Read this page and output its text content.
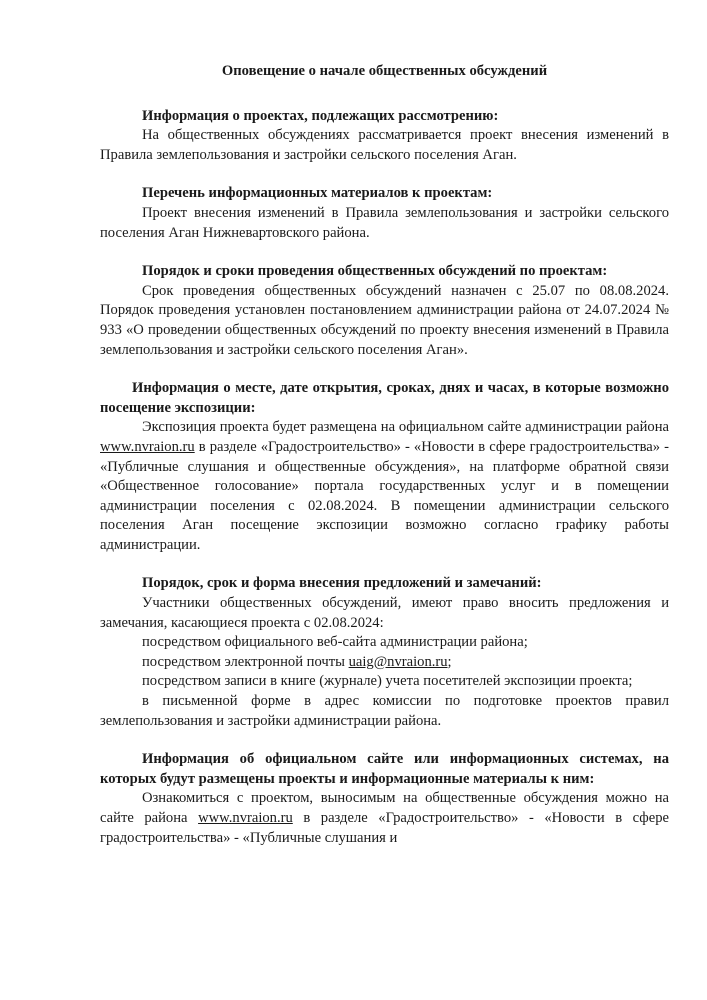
Оповещение о начале общественных обсуждений
Информация о проектах, подлежащих рассмотрению:
На общественных обсуждениях рассматривается проект внесения изменений в Правила землепользования и застройки сельского поселения Аган.
Перечень информационных материалов к проектам:
Проект внесения изменений в Правила землепользования и застройки сельского поселения Аган Нижневартовского района.
Порядок и сроки проведения общественных обсуждений по проектам:
Срок проведения общественных обсуждений назначен с 25.07 по 08.08.2024. Порядок проведения установлен постановлением администрации района от 24.07.2024 № 933 «О проведении общественных обсуждений по проекту внесения изменений в Правила землепользования и застройки сельского поселения Аган».
Информация о месте, дате открытия, сроках, днях и часах, в которые возможно посещение экспозиции:
Экспозиция проекта будет размещена на официальном сайте администрации района www.nvraion.ru в разделе «Градостроительство» - «Новости в сфере градостроительства» - «Публичные слушания и общественные обсуждения», на платформе обратной связи «Общественное голосование» портала государственных услуг и в помещении администрации поселения с 02.08.2024. В помещении администрации сельского поселения Аган посещение экспозиции возможно согласно графику работы администрации.
Порядок, срок и форма внесения предложений и замечаний:
Участники общественных обсуждений, имеют право вносить предложения и замечания, касающиеся проекта с 02.08.2024:
посредством официального веб-сайта администрации района;
посредством электронной почты uaig@nvraion.ru;
посредством записи в книге (журнале) учета посетителей экспозиции проекта;
в письменной форме в адрес комиссии по подготовке проектов правил землепользования и застройки администрации района.
Информация об официальном сайте или информационных системах, на которых будут размещены проекты и информационные материалы к ним:
Ознакомиться с проектом, выносимым на общественные обсуждения можно на сайте района www.nvraion.ru в разделе «Градостроительство» - «Новости в сфере градостроительства» - «Публичные слушания и
